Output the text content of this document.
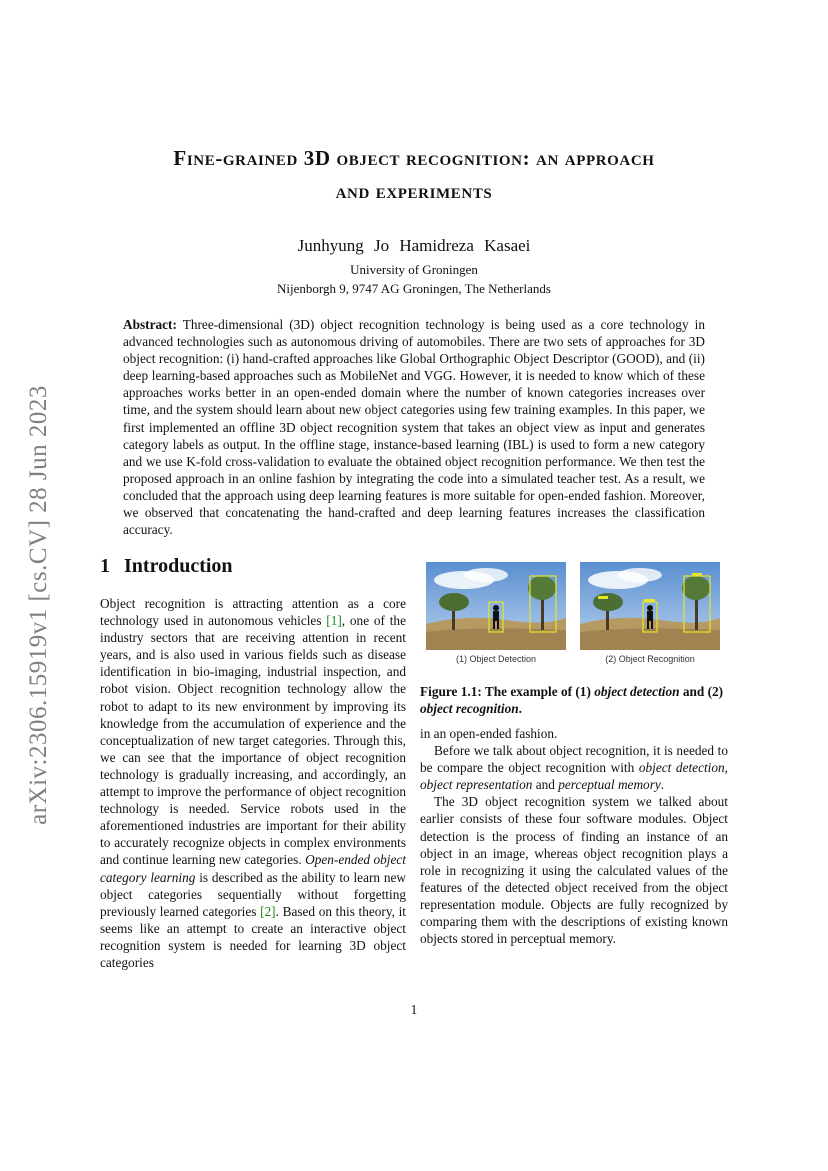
arXiv:2306.15919v1 [cs.CV] 28 Jun 2023
Fine-grained 3D object recognition: an approach
and experiments
Junhyung Jo Hamidreza Kasaei
University of Groningen
Nijenborgh 9, 9747 AG Groningen, The Netherlands
Abstract: Three-dimensional (3D) object recognition technology is being used as a core technology in advanced technologies such as autonomous driving of automobiles. There are two sets of approaches for 3D object recognition: (i) hand-crafted approaches like Global Orthographic Object Descriptor (GOOD), and (ii) deep learning-based approaches such as MobileNet and VGG. However, it is needed to know which of these approaches works better in an open-ended domain where the number of known categories increases over time, and the system should learn about new object categories using few training examples. In this paper, we first implemented an offline 3D object recognition system that takes an object view as input and generates category labels as output. In the offline stage, instance-based learning (IBL) is used to form a new category and we use K-fold cross-validation to evaluate the obtained object recognition performance. We then test the proposed approach in an online fashion by integrating the code into a simulated teacher test. As a result, we concluded that the approach using deep learning features is more suitable for open-ended fashion. Moreover, we observed that concatenating the hand-crafted and deep learning features increases the classification accuracy.
1 Introduction

Object recognition is attracting attention as a core technology used in autonomous vehicles [1], one of the industry sectors that are receiving attention in recent years, and is also used in various fields such as disease identification in bio-imaging, industrial inspection, and robot vision. Object recognition technology allow the robot to adapt to its new environment by improving its knowledge from the accumulation of experience and the conceptualization of new target categories. Through this, we can see that the importance of object recognition technology is gradually increasing, and accordingly, an attempt to improve the performance of object recognition technology is needed. Service robots used in the aforementioned industries are important for their ability to accurately recognize objects in complex environments and continue learning new categories. Open-ended object category learning is described as the ability to learn new object categories sequentially without forgetting previously learned categories [2]. Based on this theory, it seems like an attempt to create an interactive object recognition system is needed for learning 3D object categories

(1) Object Detection	(2) Object Recognition
Figure 1.1: The example of (1) object detection and (2) object recognition.

in an open-ended fashion.

Before we talk about object recognition, it is needed to be compare the object recognition with object detection, object representation and perceptual memory.

The 3D object recognition system we talked about earlier consists of these four software modules. Object detection is the process of finding an instance of an object in an image, whereas object recognition plays a role in recognizing it using the calculated values of the features of the detected object received from the object representation module. Objects are fully recognized by comparing them with the descriptions of existing known objects stored in perceptual memory.

1
